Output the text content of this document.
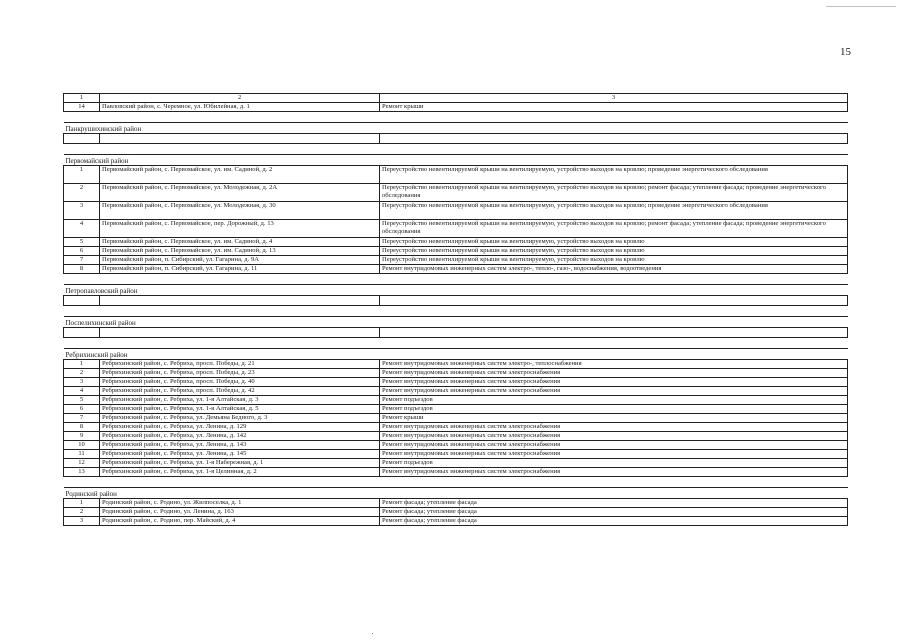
15
1	2	3
14	Павловский район, с. Черемное, ул. Юбилейная, д. 1	Ремонт крыши

Панкрушихинский район		

Первомайский район		
1	Первомайский район, с. Первомайское, ул. им. Садиной, д. 2	Переустройство невентилируемой крыши на вентилируемую, устройство выходов на кровлю; проведение энергетического обследования
2	Первомайский район, с. Первомайское, ул. Молодежная, д. 2А	Переустройство невентилируемой крыши на вентилируемую, устройство выходов на кровлю; ремонт фасада; утепление фасада; проведение энергетического обследования
3	Первомайский район, с. Первомайское, ул. Молодежная, д. 30	Переустройство невентилируемой крыши на вентилируемую, устройство выходов на кровлю; проведение энергетического обследования
4	Первомайский район, с. Первомайское, пер. Дорожный, д. 13	Переустройство невентилируемой крыши на вентилируемую, устройство выходов на кровлю; ремонт фасада; утепление фасада; проведение энергетического обследования
5	Первомайский район, с. Первомайское, ул. им. Садиной, д. 4	Переустройство невентилируемой крыши на вентилируемую, устройство выходов на кровлю
6	Первомайский район, с. Первомайское, ул. им. Садиной, д. 13	Переустройство невентилируемой крыши на вентилируемую, устройство выходов на кровлю
7	Первомайский район, п. Сибирский, ул. Гагарина, д. 9А	Переустройство невентилируемой крыши на вентилируемую, устройство выходов на кровлю
8	Первомайский район, п. Сибирский, ул. Гагарина, д. 11	Ремонт внутридомовых инженерных систем электро-, тепло-, газо-, водоснабжения, водоотведения

Петропавловский район		

Поспелихинский район		

Ребрихинский район		
1	Ребрихинский район, с. Ребриха, просп. Победы, д. 21	Ремонт внутридомовых инженерных систем электро-, теплоснабжения
2	Ребрихинский район, с. Ребриха, просп. Победы, д. 23	Ремонт внутридомовых инженерных систем электроснабжения
3	Ребрихинский район, с. Ребриха, просп. Победы, д. 40	Ремонт внутридомовых инженерных систем электроснабжения
4	Ребрихинский район, с. Ребриха, просп. Победы, д. 42	Ремонт внутридомовых инженерных систем электроснабжения
5	Ребрихинский район, с. Ребриха, ул. 1-я Алтайская, д. 3	Ремонт подъездов
6	Ребрихинский район, с. Ребриха, ул. 1-я Алтайская, д. 5	Ремонт подъездов
7	Ребрихинский район, с. Ребриха, ул. Демьяна Бедного, д. 3	Ремонт крыши
8	Ребрихинский район, с. Ребриха, ул. Ленина, д. 129	Ремонт внутридомовых инженерных систем электроснабжения
9	Ребрихинский район, с. Ребриха, ул. Ленина, д. 142	Ремонт внутридомовых инженерных систем электроснабжения
10	Ребрихинский район, с. Ребриха, ул. Ленина, д. 143	Ремонт внутридомовых инженерных систем электроснабжения
11	Ребрихинский район, с. Ребриха, ул. Ленина, д. 145	Ремонт внутридомовых инженерных систем электроснабжения
12	Ребрихинский район, с. Ребриха, ул. 1-я Набережная, д. 1	Ремонт подъездов
13	Ребрихинский район, с. Ребриха, ул. 1-я Целинная, д. 2	Ремонт внутридомовых инженерных систем электроснабжения

Родинский район		
1	Родинский район, с. Родино, ул. Жилпоселка, д. 1	Ремонт фасада; утепление фасада
2	Родинский район, с. Родино, ул. Ленина, д. 163	Ремонт фасада; утепление фасада
3	Родинский район, с. Родино, пер. Майский, д. 4	Ремонт фасада; утепление фасада
